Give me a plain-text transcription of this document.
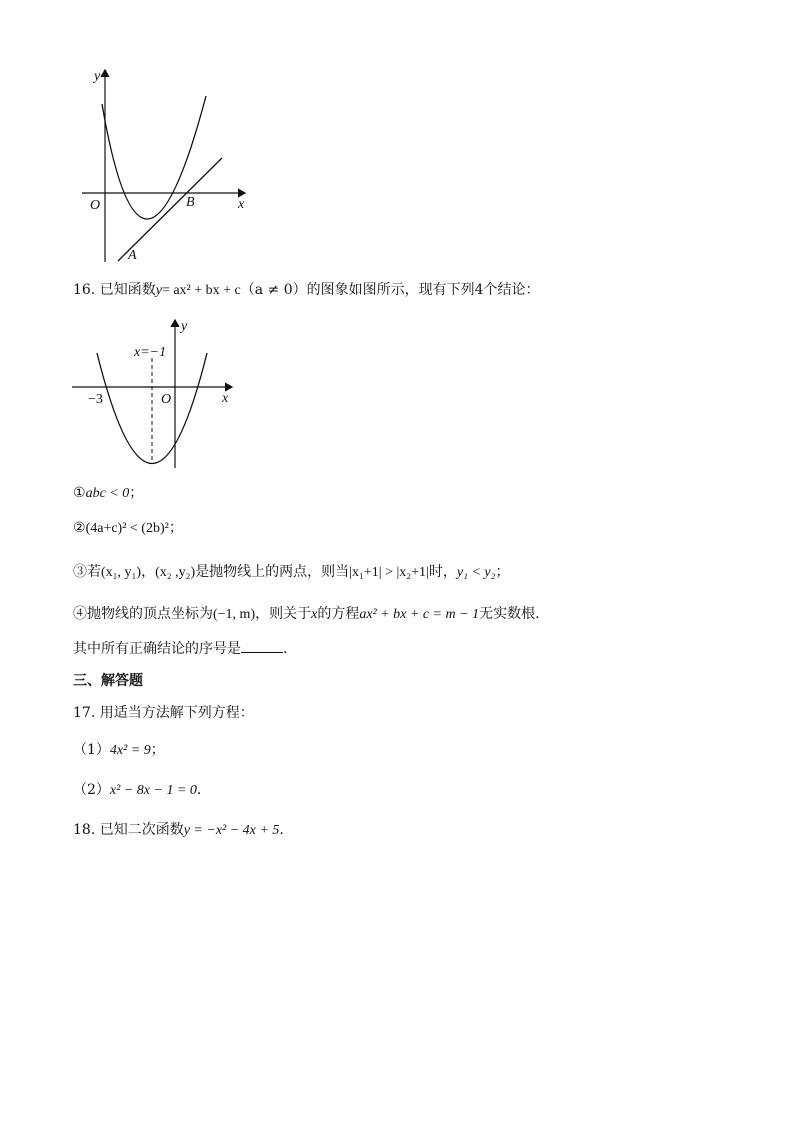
y
x
O	B
A
16. 已知函数y= ax² + bx + c（a ≠ 0）的图象如图所示，现有下列4个结论：
y
x
O
x=−1
−3
①abc < 0；
②(4a+c)² < (2b)²；
③若(x₁, y₁)，(x₂ ,y₂)是抛物线上的两点，则当|x₁+1| > |x₂+1|时，y₁ < y₂；
④抛物线的顶点坐标为(−1, m)，则关于x的方程ax² + bx + c = m − 1无实数根.
其中所有正确结论的序号是	.
三、解答题
17. 用适当方法解下列方程：
（1）4x² = 9；
（2）x² − 8x − 1 = 0.
18. 已知二次函数y = −x² − 4x + 5.
